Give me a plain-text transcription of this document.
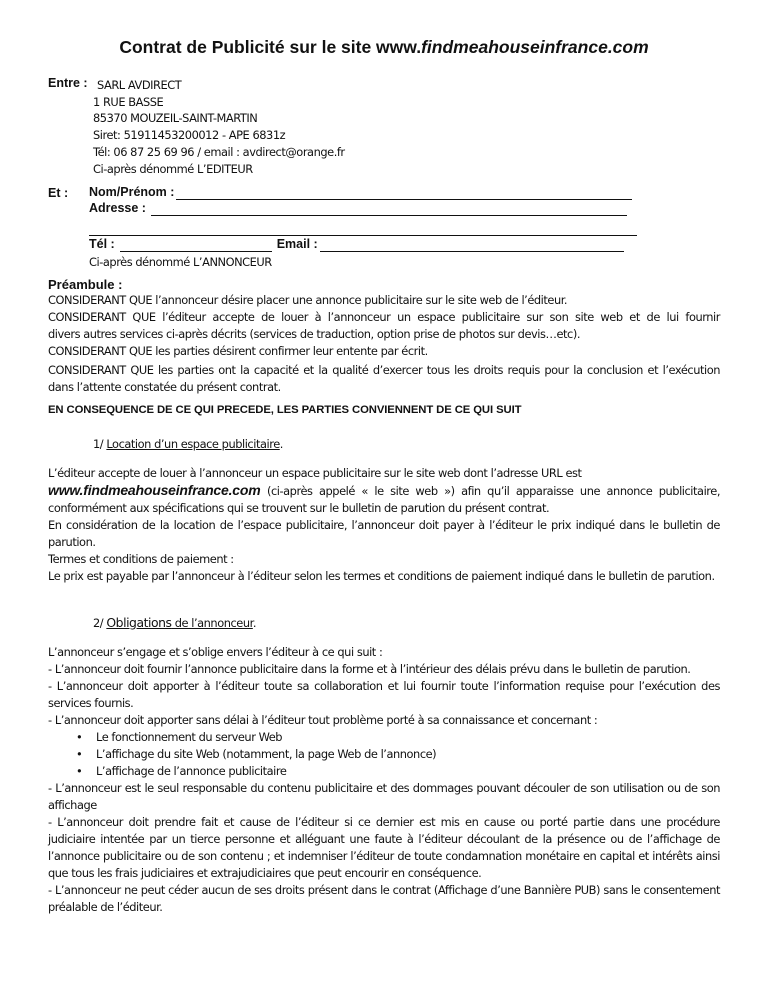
Contrat de Publicité sur le site www.findmeahouseinfrance.com
Entre : SARL AVDIRECT
1 RUE BASSE
85370 MOUZEIL-SAINT-MARTIN
Siret: 51911453200012 - APE 6831z
Tél: 06 87 25 69 96 / email : avdirect@orange.fr
Ci-après dénommé L’EDITEUR
Et : Nom/Prénom :
Adresse :
Tél :	Email :
Ci-après dénommé L’ANNONCEUR
Préambule :
CONSIDERANT QUE l’annonceur désire placer une annonce publicitaire sur le site web de l’éditeur.
CONSIDERANT QUE l’éditeur accepte de louer à l’annonceur un espace publicitaire sur son site web et de lui fournir
divers autres services ci-après décrits (services de traduction, option prise de photos sur devis…etc).
CONSIDERANT QUE les parties désirent confirmer leur entente par écrit.
CONSIDERANT QUE les parties ont la capacité et la qualité d’exercer tous les droits requis pour la conclusion et l’exécution dans l’attente constatée du présent contrat.
EN CONSEQUENCE DE CE QUI PRECEDE, LES PARTIES CONVIENNENT DE CE QUI SUIT
1/ Location d’un espace publicitaire.
L’éditeur accepte de louer à l’annonceur un espace publicitaire sur le site web dont l’adresse URL est
www.findmeahouseinfrance.com (ci-après appelé « le site web ») afin qu’il apparaisse une annonce publicitaire, conformément aux spécifications qui se trouvent sur le bulletin de parution du présent contrat.
En considération de la location de l’espace publicitaire, l’annonceur doit payer à l’éditeur le prix indiqué dans le bulletin de parution.
Termes et conditions de paiement :
Le prix est payable par l’annonceur à l’éditeur selon les termes et conditions de paiement indiqué dans le bulletin de parution.
2/ Obligations de l’annonceur.
L’annonceur s’engage et s’oblige envers l’éditeur à ce qui suit :
- L’annonceur doit fournir l’annonce publicitaire dans la forme et à l’intérieur des délais prévu dans le bulletin de parution.
- L’annonceur doit apporter à l’éditeur toute sa collaboration et lui fournir toute l’information requise pour l’exécution des services fournis.
- L’annonceur doit apporter sans délai à l’éditeur tout problème porté à sa connaissance et concernant :
• Le fonctionnement du serveur Web
• L’affichage du site Web (notamment, la page Web de l’annonce)
• L’affichage de l’annonce publicitaire
- L’annonceur est le seul responsable du contenu publicitaire et des dommages pouvant découler de son utilisation ou de son affichage
- L’annonceur doit prendre fait et cause de l’éditeur si ce dernier est mis en cause ou porté partie dans une procédure judiciaire intentée par un tierce personne et alléguant une faute à l’éditeur découlant de la présence ou de l’affichage de l’annonce publicitaire ou de son contenu ; et indemniser l’éditeur de toute condamnation monétaire en capital et intérêts ainsi que tous les frais judiciaires et extrajudiciaires que peut encourir en conséquence.
- L’annonceur ne peut céder aucun de ses droits présent dans le contrat (Affichage d’une Bannière PUB) sans le consentement préalable de l’éditeur.
